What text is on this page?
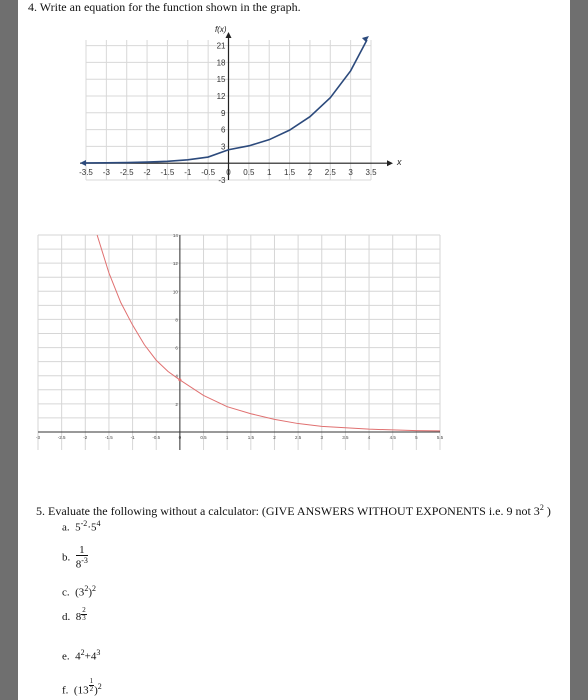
4. Write an equation for the function shown in the graph.
-3.5 -3 -2.5 -2 -1.5 -1 -0.5 0 0.5 1 1.5 2 2.5 3 3.5
-3
3
6
9
12
15
18
21
x
f(x)
-3	-2.5	-2	-1.5	-1	-0.5	0	0.5	1	1.5	2	2.5	3	3.5	4	4.5	5	5.5
2
4
6
8
10
12
14
5. Evaluate the following without a calculator: (GIVE ANSWERS WITHOUT EXPONENTS i.e. 9 not $3^2$ )
a. $5^{-2}\cdot 5^4$
b. $\frac{1}{8^{-3}}$
c. $(3^2)^2$
d. 8 $^{\frac{2}{3}}$
e. $4^2+4^3$
f. (13 $^{\frac{1}{2}}$ )$^2$
